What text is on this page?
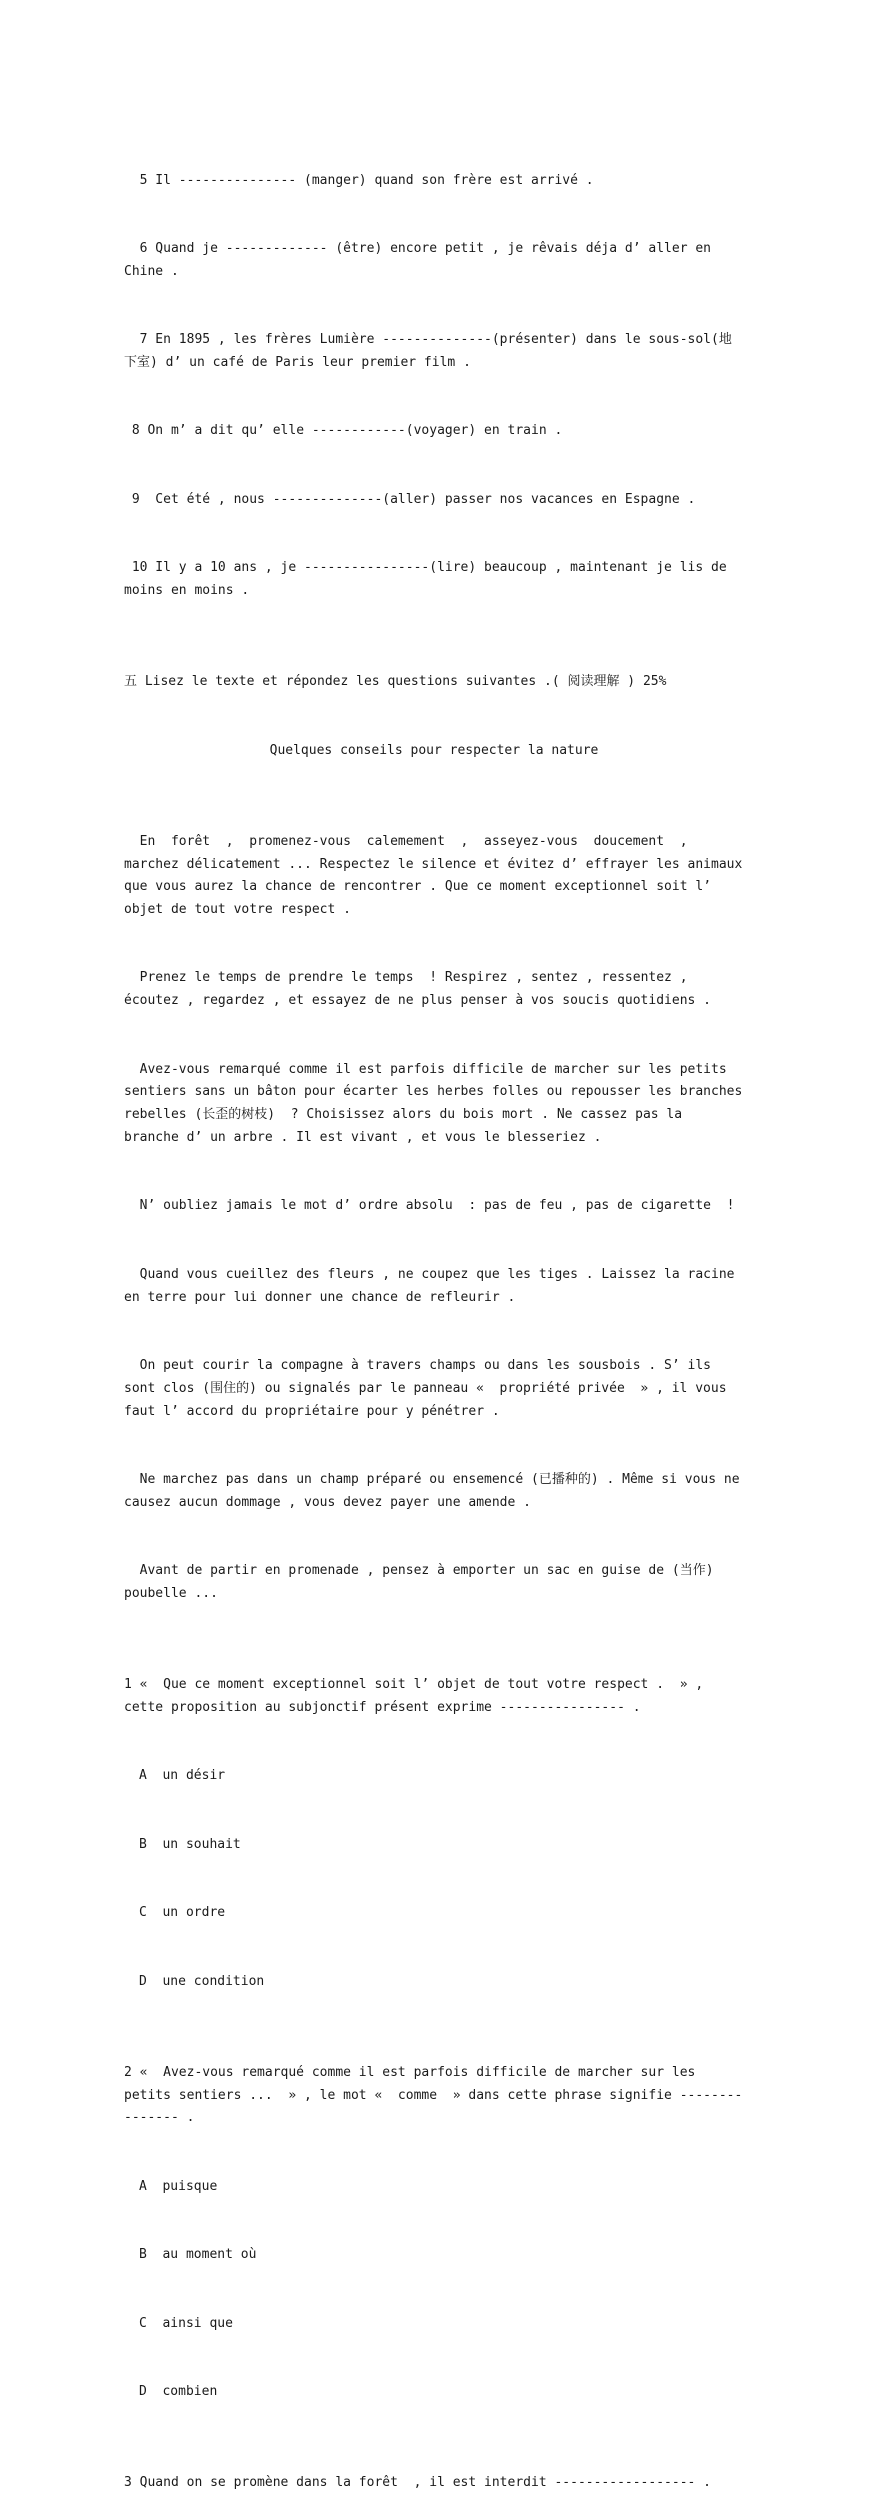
5 Il --------------- (manger) quand son frère est arrivé .

6 Quand je ------------- (être) encore petit , je rêvais déja d’ aller en Chine .

7 En 1895 , les frères Lumière --------------(présenter) dans le sous-sol(地下室) d’ un café de Paris leur premier film .

8 On m’ a dit qu’ elle ------------(voyager) en train .

9  Cet été , nous --------------(aller) passer nos vacances en Espagne .

10 Il y a 10 ans , je ----------------(lire) beaucoup , maintenant je lis de moins en moins .

五 Lisez le texte et répondez les questions suivantes .( 阅读理解 ) 25%

Quelques conseils pour respecter la nature

En  forêt  ,  promenez-vous  calemement  ,  asseyez-vous  doucement  ,  marchez délicatement ... Respectez le silence et évitez d’ effrayer les animaux que vous aurez la chance de rencontrer . Que ce moment exceptionnel soit l’ objet de tout votre respect .

Prenez le temps de prendre le temps  ! Respirez , sentez , ressentez , écoutez , regardez , et essayez de ne plus penser à vos soucis quotidiens .

Avez-vous remarqué comme il est parfois difficile de marcher sur les petits sentiers sans un bâton pour écarter les herbes folles ou repousser les branches rebelles (长歪的树枝)  ? Choisissez alors du bois mort . Ne cassez pas la branche d’ un arbre . Il est vivant , et vous le blesseriez .

N’ oubliez jamais le mot d’ ordre absolu  : pas de feu , pas de cigarette  !

Quand vous cueillez des fleurs , ne coupez que les tiges . Laissez la racine en terre pour lui donner une chance de refleurir .

On peut courir la compagne à travers champs ou dans les sousbois . S’ ils sont clos (围住的) ou signalés par le panneau «  propriété privée  » , il vous faut l’ accord du propriétaire pour y pénétrer .

Ne marchez pas dans un champ préparé ou ensemencé (已播种的) . Même si vous ne causez aucun dommage , vous devez payer une amende .

Avant de partir en promenade , pensez à emporter un sac en guise de (当作) poubelle ...

1 «  Que ce moment exceptionnel soit l’ objet de tout votre respect .  » , cette proposition au subjonctif présent exprime ---------------- .

A  un désir

B  un souhait

C  un ordre

D  une condition

2 «  Avez-vous remarqué comme il est parfois difficile de marcher sur les petits sentiers ...  » , le mot «  comme  » dans cette phrase signifie --------------- .

A  puisque

B  au moment où

C  ainsi que

D  combien

3 Quand on se promène dans la forêt  , il est interdit ------------------ .
